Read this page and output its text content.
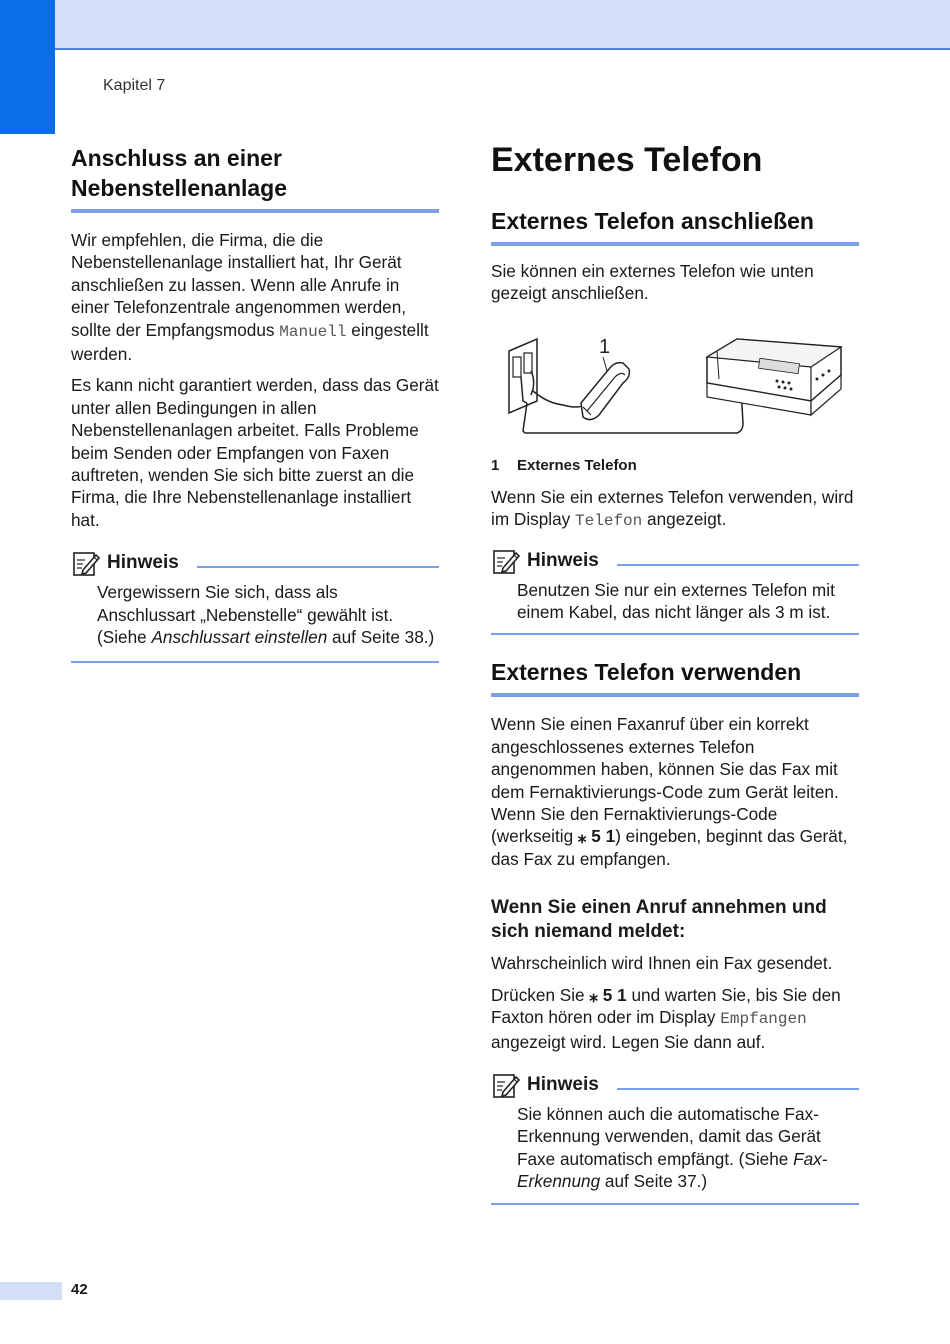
Kapitel 7
Anschluss an einer
Nebenstellenanlage

Wir empfehlen, die Firma, die die Nebenstellenanlage installiert hat, Ihr Gerät anschließen zu lassen. Wenn alle Anrufe in einer Telefonzentrale angenommen werden, sollte der Empfangsmodus Manuell eingestellt werden.

Es kann nicht garantiert werden, dass das Gerät unter allen Bedingungen in allen Nebenstellenanlagen arbeitet. Falls Probleme beim Senden oder Empfangen von Faxen auftreten, wenden Sie sich bitte zuerst an die Firma, die Ihre Nebenstellenanlage installiert hat.

Hinweis

Vergewissern Sie sich, dass als Anschlussart „Nebenstelle“ gewählt ist. (Siehe Anschlussart einstellen auf Seite 38.)

Externes Telefon
Externes Telefon anschließen

Sie können ein externes Telefon wie unten gezeigt anschließen.

1
1 Externes Telefon

Wenn Sie ein externes Telefon verwenden, wird im Display Telefon angezeigt.

Hinweis

Benutzen Sie nur ein externes Telefon mit einem Kabel, das nicht länger als 3 m ist.

Externes Telefon verwenden

Wenn Sie einen Faxanruf über ein korrekt angeschlossenes externes Telefon angenommen haben, können Sie das Fax mit dem Fernaktivierungs-Code zum Gerät leiten. Wenn Sie den Fernaktivierungs-Code (werkseitig ⁎ 5 1) eingeben, beginnt das Gerät, das Fax zu empfangen.

Wenn Sie einen Anruf annehmen und sich niemand meldet:

Wahrscheinlich wird Ihnen ein Fax gesendet.

Drücken Sie ⁎ 5 1 und warten Sie, bis Sie den Faxton hören oder im Display Empfangen angezeigt wird. Legen Sie dann auf.

Hinweis

Sie können auch die automatische Fax-Erkennung verwenden, damit das Gerät Faxe automatisch empfängt. (Siehe Fax-Erkennung auf Seite 37.)

42
